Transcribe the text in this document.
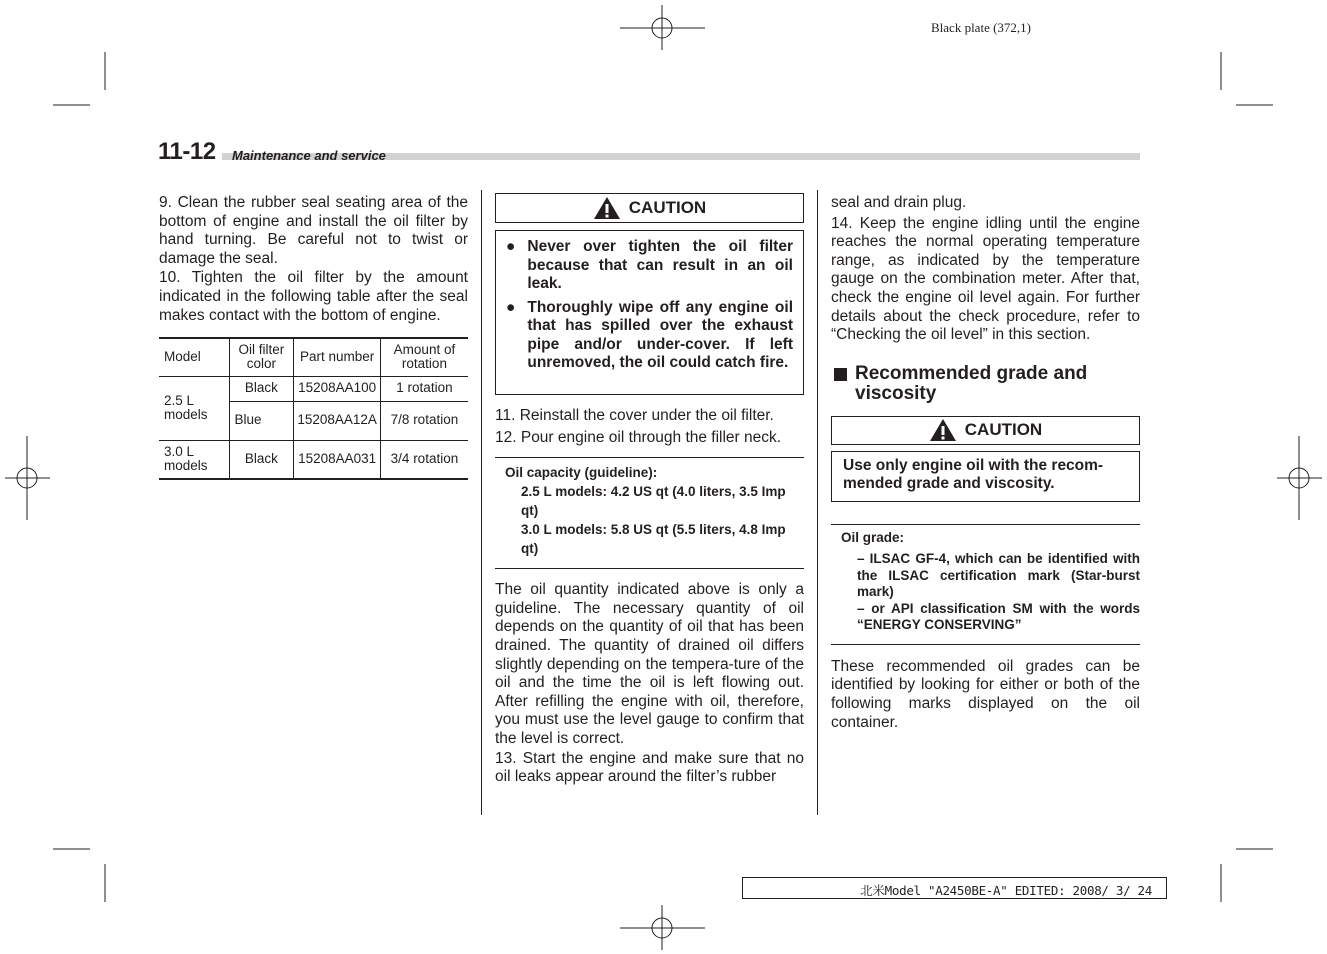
Black plate (372,1)
11-12	Maintenance and service

9. Clean the rubber seal seating area of the bottom of engine and install the oil filter by hand turning. Be careful not to twist or damage the seal.

10. Tighten the oil filter by the amount indicated in the following table after the seal makes contact with the bottom of engine.

Model	Oil filter color	Part number	Amount of rotation
2.5 L models	Black	15208AA100	1 rotation
	Blue	15208AA12A	7/8 rotation
3.0 L models	Black	15208AA031	3/4 rotation
CAUTION
● Never over tighten the oil filter because that can result in an oil leak.
● Thoroughly wipe off any engine oil that has spilled over the exhaust pipe and/or under-cover. If left unremoved, the oil could catch fire.

11. Reinstall the cover under the oil filter.

12. Pour engine oil through the filler neck.

Oil capacity (guideline):
2.5 L models: 4.2 US qt (4.0 liters, 3.5 Imp qt)
3.0 L models: 5.8 US qt (5.5 liters, 4.8 Imp qt)

The oil quantity indicated above is only a guideline. The necessary quantity of oil depends on the quantity of oil that has been drained. The quantity of drained oil differs slightly depending on the tempera-ture of the oil and the time the oil is left flowing out. After refilling the engine with oil, therefore, you must use the level gauge to confirm that the level is correct.

13. Start the engine and make sure that no oil leaks appear around the filter’s rubber

seal and drain plug.

14. Keep the engine idling until the engine reaches the normal operating temperature range, as indicated by the temperature gauge on the combination meter. After that, check the engine oil level again. For further details about the check procedure, refer to “Checking the oil level” in this section.

Recommended grade and viscosity
CAUTION
Use only engine oil with the recom-mended grade and viscosity.
Oil grade:
– ILSAC GF-4, which can be identified with the ILSAC certification mark (Star-burst mark)
– or API classification SM with the words “ENERGY CONSERVING”

These recommended oil grades can be identified by looking for either or both of the following marks displayed on the oil container.

北米Model "A2450BE-A" EDITED: 2008/ 3/ 24
